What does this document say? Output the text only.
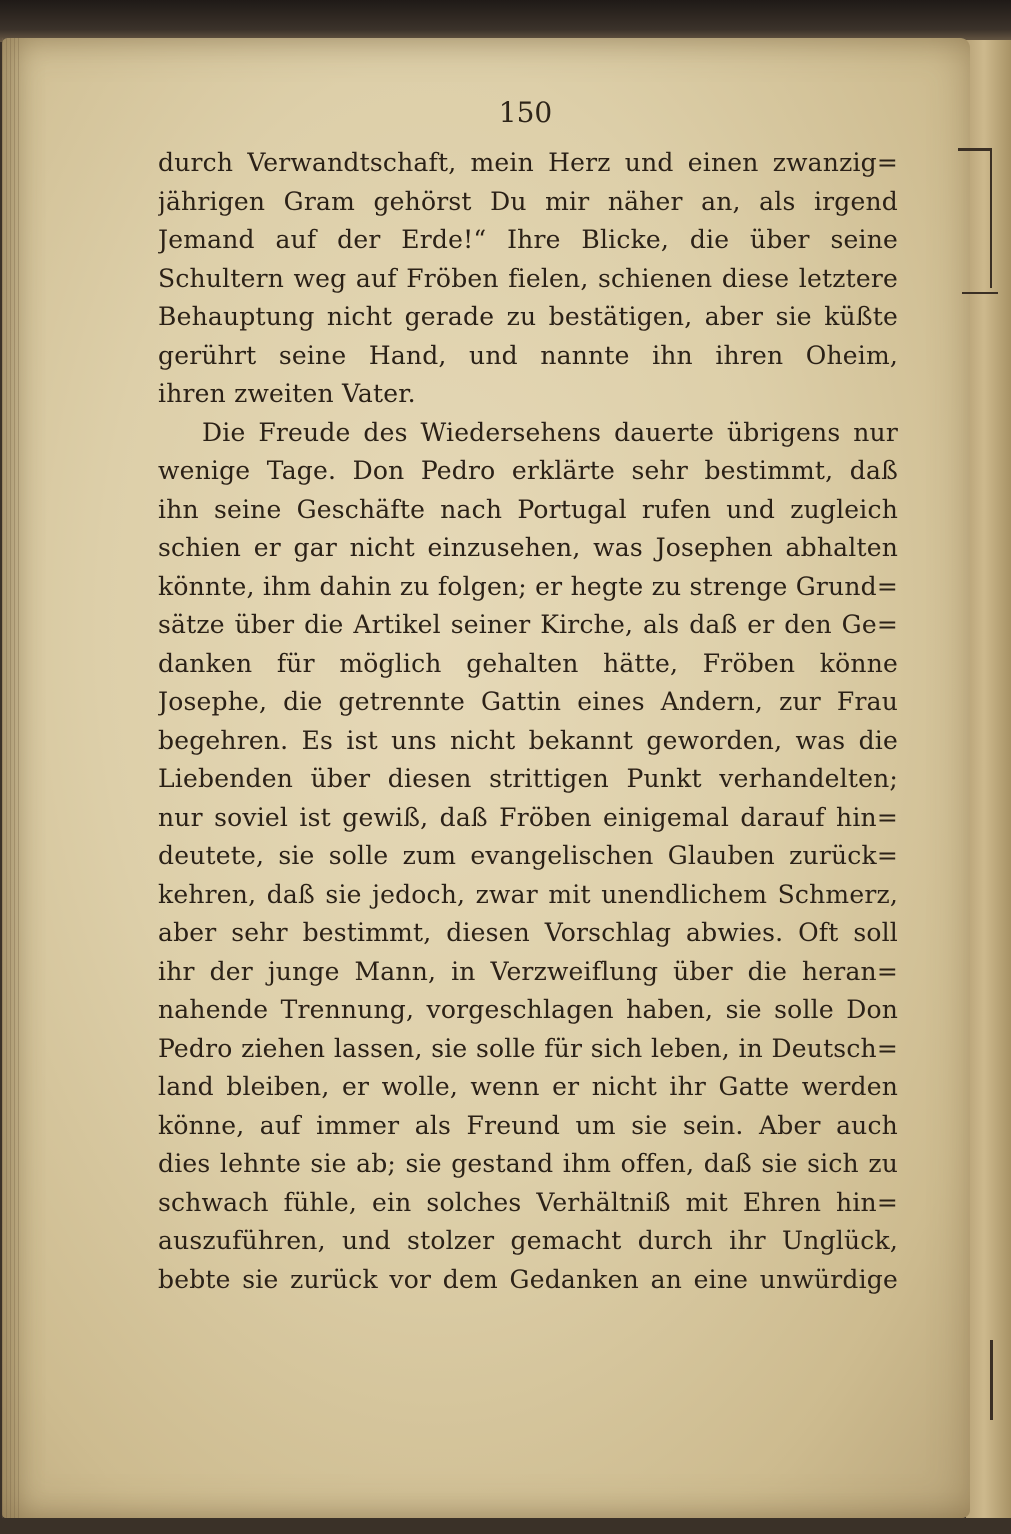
150
durch Verwandtschaft, mein Herz und einen zwanzig=
jährigen Gram gehörst Du mir näher an, als irgend
Jemand auf der Erde!“ Ihre Blicke, die über seine
Schultern weg auf Fröben fielen, schienen diese letztere
Behauptung nicht gerade zu bestätigen, aber sie küßte
gerührt seine Hand, und nannte ihn ihren Oheim,
ihren zweiten Vater.
Die Freude des Wiedersehens dauerte übrigens nur
wenige Tage. Don Pedro erklärte sehr bestimmt, daß
ihn seine Geschäfte nach Portugal rufen und zugleich
schien er gar nicht einzusehen, was Josephen abhalten
könnte, ihm dahin zu folgen; er hegte zu strenge Grund=
sätze über die Artikel seiner Kirche, als daß er den Ge=
danken für möglich gehalten hätte, Fröben könne
Josephe, die getrennte Gattin eines Andern, zur Frau
begehren. Es ist uns nicht bekannt geworden, was die
Liebenden über diesen strittigen Punkt verhandelten;
nur soviel ist gewiß, daß Fröben einigemal darauf hin=
deutete, sie solle zum evangelischen Glauben zurück=
kehren, daß sie jedoch, zwar mit unendlichem Schmerz,
aber sehr bestimmt, diesen Vorschlag abwies. Oft soll
ihr der junge Mann, in Verzweiflung über die heran=
nahende Trennung, vorgeschlagen haben, sie solle Don
Pedro ziehen lassen, sie solle für sich leben, in Deutsch=
land bleiben, er wolle, wenn er nicht ihr Gatte werden
könne, auf immer als Freund um sie sein. Aber auch
dies lehnte sie ab; sie gestand ihm offen, daß sie sich zu
schwach fühle, ein solches Verhältniß mit Ehren hin=
auszuführen, und stolzer gemacht durch ihr Unglück,
bebte sie zurück vor dem Gedanken an eine unwürdige
